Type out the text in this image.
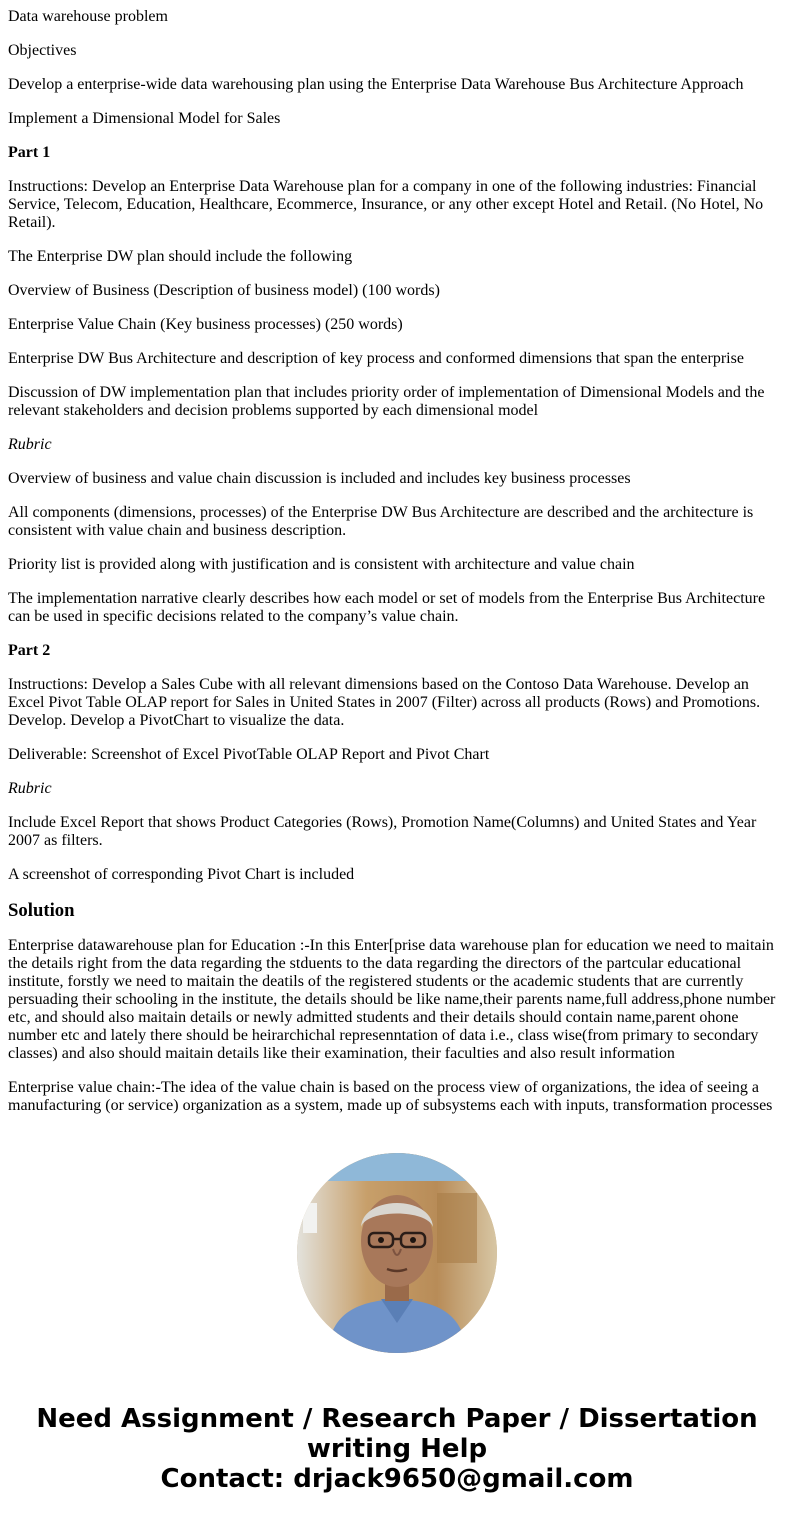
Data warehouse problem

Objectives

Develop a enterprise-wide data warehousing plan using the Enterprise Data Warehouse Bus Architecture Approach

Implement a Dimensional Model for Sales

Part 1

Instructions: Develop an Enterprise Data Warehouse plan for a company in one of the following industries: Financial Service, Telecom, Education, Healthcare, Ecommerce, Insurance, or any other except Hotel and Retail. (No Hotel, No Retail).

The Enterprise DW plan should include the following

Overview of Business (Description of business model) (100 words)

Enterprise Value Chain (Key business processes) (250 words)

Enterprise DW Bus Architecture and description of key process and conformed dimensions that span the enterprise

Discussion of DW implementation plan that includes priority order of implementation of Dimensional Models and the relevant stakeholders and decision problems supported by each dimensional model

Rubric

Overview of business and value chain discussion is included and includes key business processes

All components (dimensions, processes) of the Enterprise DW Bus Architecture are described and the architecture is consistent with value chain and business description.

Priority list is provided along with justification and is consistent with architecture and value chain

The implementation narrative clearly describes how each model or set of models from the Enterprise Bus Architecture can be used in specific decisions related to the company’s value chain.

Part 2

Instructions: Develop a Sales Cube with all relevant dimensions based on the Contoso Data Warehouse. Develop an Excel Pivot Table OLAP report for Sales in United States in 2007 (Filter) across all products (Rows) and Promotions. Develop. Develop a PivotChart to visualize the data.

Deliverable: Screenshot of Excel PivotTable OLAP Report and Pivot Chart

Rubric

Include Excel Report that shows Product Categories (Rows), Promotion Name(Columns) and United States and Year 2007 as filters.

A screenshot of corresponding Pivot Chart is included

Solution

Enterprise datawarehouse plan for Education :-In this Enter[prise data warehouse plan for education we need to maitain the details right from the data regarding the stduents to the data regarding the directors of the partcular educational institute, forstly we need to maitain the deatils of the registered students or the academic students that are currently persuading their schooling in the institute, the details should be like name,their parents name,full address,phone number etc, and should also maitain details or newly admitted students and their details should contain name,parent ohone number etc and lately there should be heirarchichal represenntation of data i.e., class wise(from primary to secondary classes) and also should maitain details like their examination, their faculties and also result information

Enterprise value chain:-The idea of the value chain is based on the process view of organizations, the idea of seeing a manufacturing (or service) organization as a system, made up of subsystems each with inputs, transformation processes

Need Assignment / Research Paper / Dissertation
writing Help
Contact: drjack9650@gmail.com
